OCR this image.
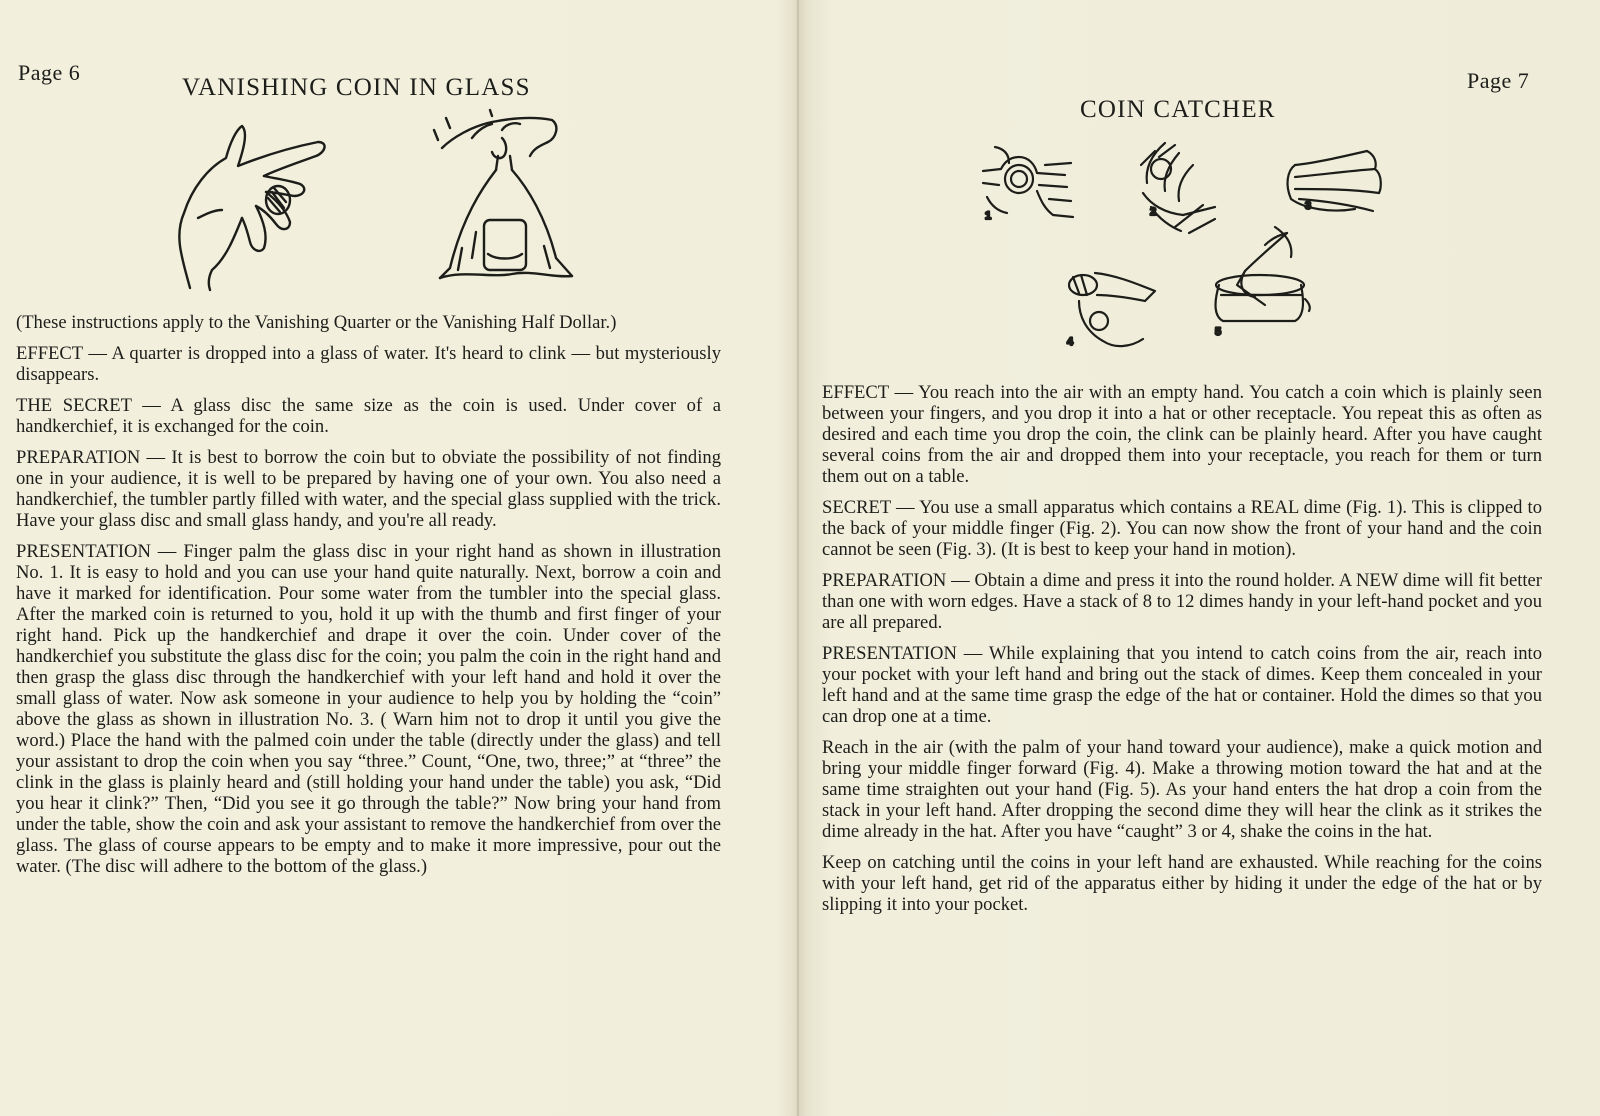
Page 6
VANISHING COIN IN GLASS

(These instructions apply to the Vanishing Quarter or the Vanishing Half Dollar.)

EFFECT — A quarter is dropped into a glass of water. It's heard to clink — but mysteriously disappears.

THE SECRET — A glass disc the same size as the coin is used. Under cover of a handkerchief, it is exchanged for the coin.

PREPARATION — It is best to borrow the coin but to obviate the possibility of not finding one in your audience, it is well to be prepared by having one of your own. You also need a handkerchief, the tumbler partly filled with water, and the special glass supplied with the trick. Have your glass disc and small glass handy, and you're all ready.

PRESENTATION — Finger palm the glass disc in your right hand as shown in illustration No. 1. It is easy to hold and you can use your hand quite naturally. Next, borrow a coin and have it marked for identification. Pour some water from the tumbler into the special glass. After the marked coin is returned to you, hold it up with the thumb and first finger of your right hand. Pick up the handkerchief and drape it over the coin. Under cover of the handkerchief you substitute the glass disc for the coin; you palm the coin in the right hand and then grasp the glass disc through the handkerchief with your left hand and hold it over the small glass of water. Now ask someone in your audience to help you by holding the “coin” above the glass as shown in illustration No. 3. ( Warn him not to drop it until you give the word.) Place the hand with the palmed coin under the table (directly under the glass) and tell your assistant to drop the coin when you say “three.” Count, “One, two, three;” at “three” the clink in the glass is plainly heard and (still holding your hand under the table) you ask, “Did you hear it clink?” Then, “Did you see it go through the table?” Now bring your hand from under the table, show the coin and ask your assistant to remove the handkerchief from over the glass. The glass of course appears to be empty and to make it more impressive, pour out the water. (The disc will adhere to the bottom of the glass.)

Page 7
COIN CATCHER
1	2	3
4
5

EFFECT — You reach into the air with an empty hand. You catch a coin which is plainly seen between your fingers, and you drop it into a hat or other receptacle. You repeat this as often as desired and each time you drop the coin, the clink can be plainly heard. After you have caught several coins from the air and dropped them into your receptacle, you reach for them or turn them out on a table.

SECRET — You use a small apparatus which contains a REAL dime (Fig. 1). This is clipped to the back of your middle finger (Fig. 2). You can now show the front of your hand and the coin cannot be seen (Fig. 3). (It is best to keep your hand in motion).

PREPARATION — Obtain a dime and press it into the round holder. A NEW dime will fit better than one with worn edges. Have a stack of 8 to 12 dimes handy in your left-hand pocket and you are all prepared.

PRESENTATION — While explaining that you intend to catch coins from the air, reach into your pocket with your left hand and bring out the stack of dimes. Keep them concealed in your left hand and at the same time grasp the edge of the hat or container. Hold the dimes so that you can drop one at a time.

Reach in the air (with the palm of your hand toward your audience), make a quick motion and bring your middle finger forward (Fig. 4). Make a throwing motion toward the hat and at the same time straighten out your hand (Fig. 5). As your hand enters the hat drop a coin from the stack in your left hand. After dropping the second dime they will hear the clink as it strikes the dime already in the hat. After you have “caught” 3 or 4, shake the coins in the hat.

Keep on catching until the coins in your left hand are exhausted. While reaching for the coins with your left hand, get rid of the apparatus either by hiding it under the edge of the hat or by slipping it into your pocket.
